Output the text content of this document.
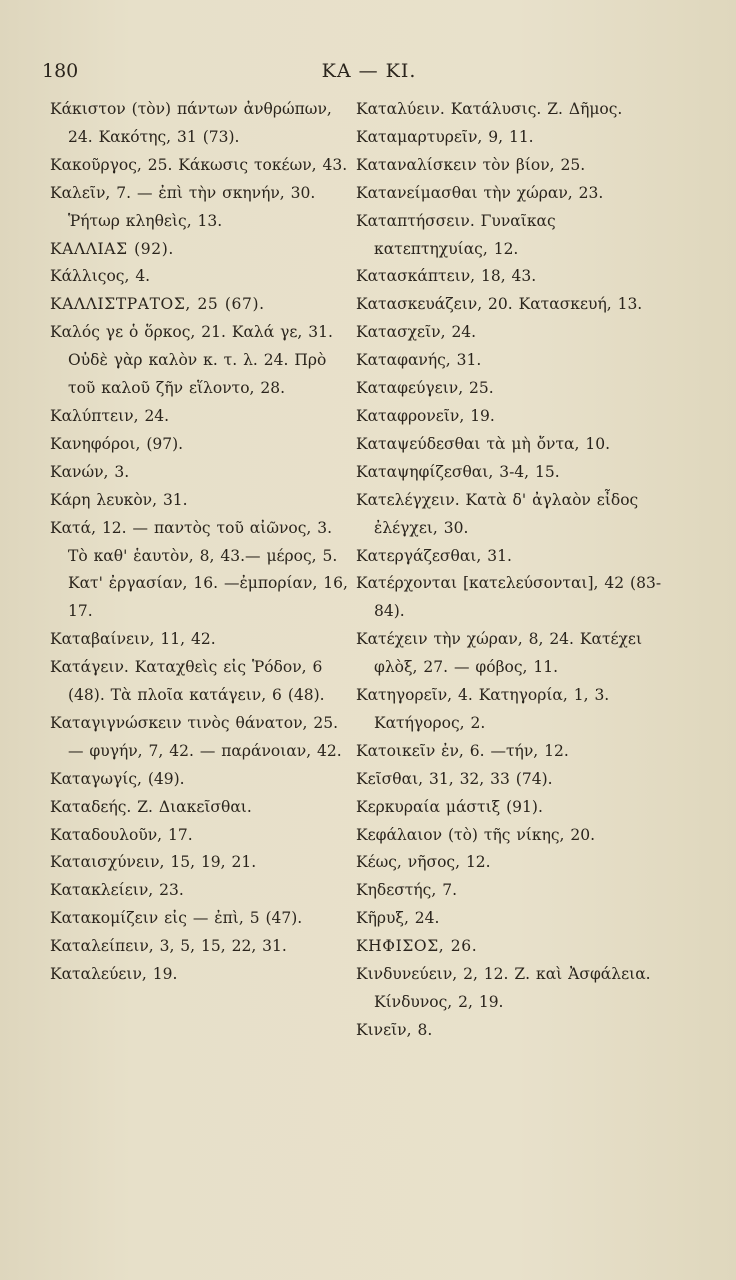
180	ΚΑ — ΚΙ.
Κάκιστον (τὸν) πάντων ἀνθρώπων, 24. Κακότης, 31 (73).
Κακοῦργος, 25. Κάκωσις τοκέων, 43.
Καλεῖν, 7. — ἐπὶ τὴν σκηνήν, 30. Ῥήτωρ κληθεὶς, 13.
ΚΑΛΛΙΑΣ (92).
Κάλλιςος, 4.
ΚΑΛΛΙΣΤΡΑΤΟΣ, 25 (67).
Καλός γε ὁ ὅρκος, 21. Καλά γε, 31. Οὐδὲ γὰρ καλὸν κ. τ. λ. 24. Πρὸ τοῦ καλοῦ ζῆν εἵλοντο, 28.
Καλύπτειν, 24.
Κανηφόροι, (97).
Κανών, 3.
Κάρη λευκὸν, 31.
Κατά, 12. — παντὸς τοῦ αἰῶνος, 3. Τὸ καθ' ἑαυτὸν, 8, 43.— μέρος, 5. Κατ' ἐργασίαν, 16. —ἐμπορίαν, 16, 17.
Καταβαίνειν, 11, 42.
Κατάγειν. Καταχθεὶς εἰς Ῥόδον, 6 (48). Τὰ πλοῖα κατάγειν, 6 (48).
Καταγιγνώσκειν τινὸς θάνατον, 25. — φυγήν, 7, 42. — παράνοιαν, 42.
Καταγωγίς, (49).
Καταδεής. Ζ. Διακεῖσθαι.
Καταδουλοῦν, 17.
Καταισχύνειν, 15, 19, 21.
Κατακλείειν, 23.
Κατακομίζειν εἰς — ἐπὶ, 5 (47).
Καταλείπειν, 3, 5, 15, 22, 31.
Καταλεύειν, 19.
Καταλύειν. Κατάλυσις. Ζ. Δῆμος.
Καταμαρτυρεῖν, 9, 11.
Καταναλίσκειν τὸν βίον, 25.
Κατανείμασθαι τὴν χώραν, 23.
Καταπτήσσειν. Γυναῖκας κατεπτηχυίας, 12.
Κατασκάπτειν, 18, 43.
Κατασκευάζειν, 20. Κατασκευή, 13.
Κατασχεῖν, 24.
Καταφανής, 31.
Καταφεύγειν, 25.
Καταφρονεῖν, 19.
Καταψεύδεσθαι τὰ μὴ ὄντα, 10.
Καταψηφίζεσθαι, 3-4, 15.
Κατελέγχειν. Κατὰ δ' ἀγλαὸν εἶδος ἐλέγχει, 30.
Κατεργάζεσθαι, 31.
Κατέρχονται [κατελεύσονται], 42 (83-84).
Κατέχειν τὴν χώραν, 8, 24. Κατέχει φλὸξ, 27. — φόβος, 11.
Κατηγορεῖν, 4. Κατηγορία, 1, 3. Κατήγορος, 2.
Κατοικεῖν ἐν, 6. —τήν, 12.
Κεῖσθαι, 31, 32, 33 (74).
Κερκυραία μάστιξ (91).
Κεφάλαιον (τὸ) τῆς νίκης, 20.
Κέως, νῆσος, 12.
Κηδεστής, 7.
Κῆρυξ, 24.
ΚΗΦΙΣΟΣ, 26.
Κινδυνεύειν, 2, 12. Ζ. καὶ Ἀσφάλεια. Κίνδυνος, 2, 19.
Κινεῖν, 8.
